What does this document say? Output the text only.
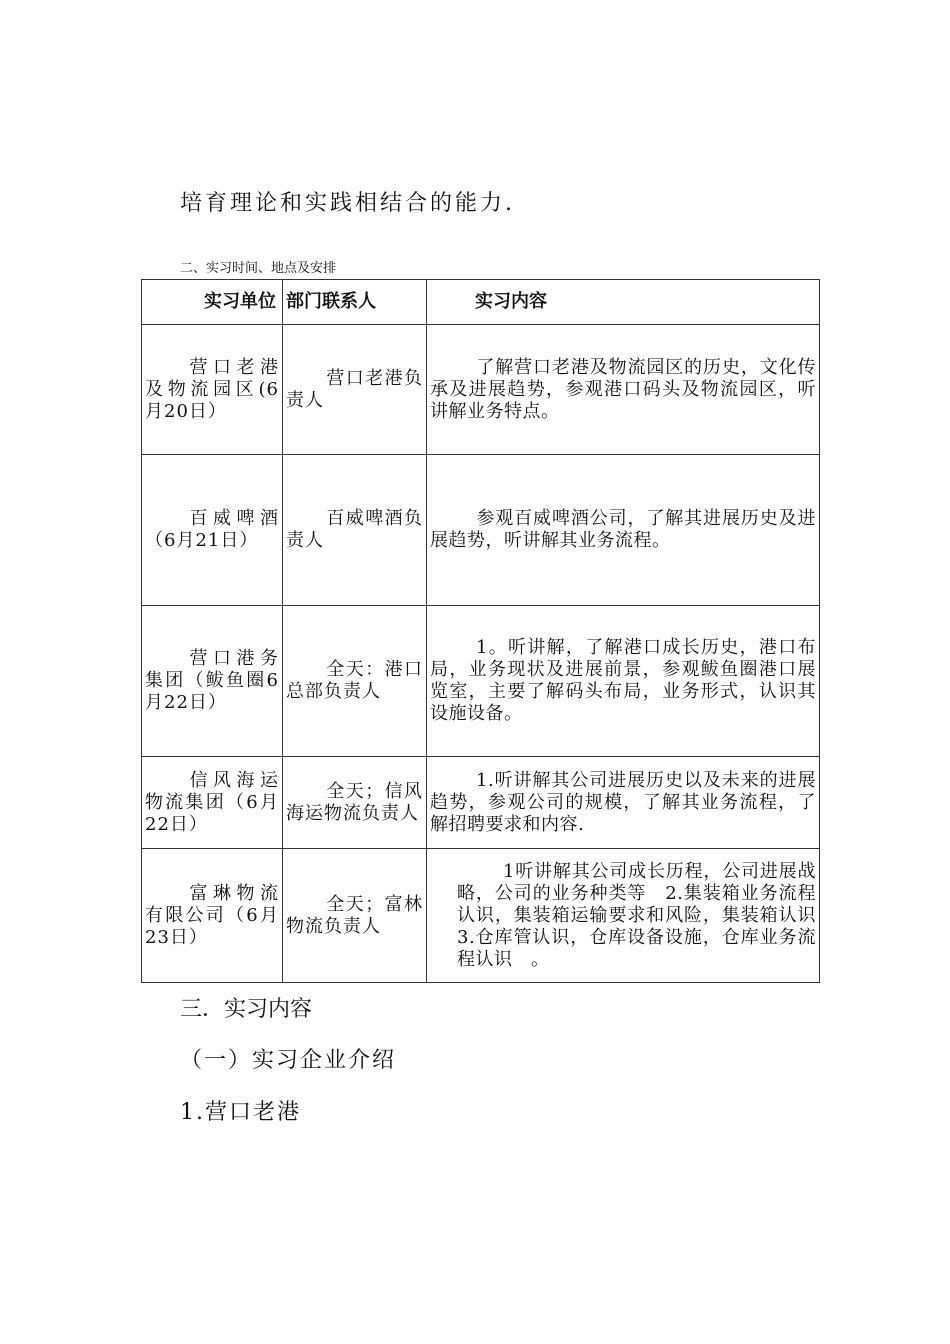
培育理论和实践相结合的能力.
二、实习时间、地点及安排
实习单位	部门联系人	实习内容
营口老港及物流园区(6月20日）	营口老港负责人	了解营口老港及物流园区的历史，文化传承及进展趋势，参观港口码头及物流园区，听讲解业务特点。
百威啤酒（6月21日）	百威啤酒负责人	参观百威啤酒公司，了解其进展历史及进展趋势，听讲解其业务流程。
营口港务集团（鲅鱼圈6月22日）	全天：港口总部负责人	1。听讲解，了解港口成长历史，港口布局，业务现状及进展前景，参观鲅鱼圈港口展览室，主要了解码头布局，业务形式，认识其设施设备。
信风海运物流集团（6月22日）	全天；信风海运物流负责人	1.听讲解其公司进展历史以及未来的进展趋势，参观公司的规模，了解其业务流程，了解招聘要求和内容.
富琳物流有限公司（6月23日）	全天；富林物流负责人	1听讲解其公司成长历程，公司进展战略，公司的业务种类等　2.集装箱业务流程认识，集装箱运输要求和风险，集装箱认识　3.仓库管认识，仓库设备设施，仓库业务流程认识　。
三．实习内容
（一）实习企业介绍
1.营口老港
